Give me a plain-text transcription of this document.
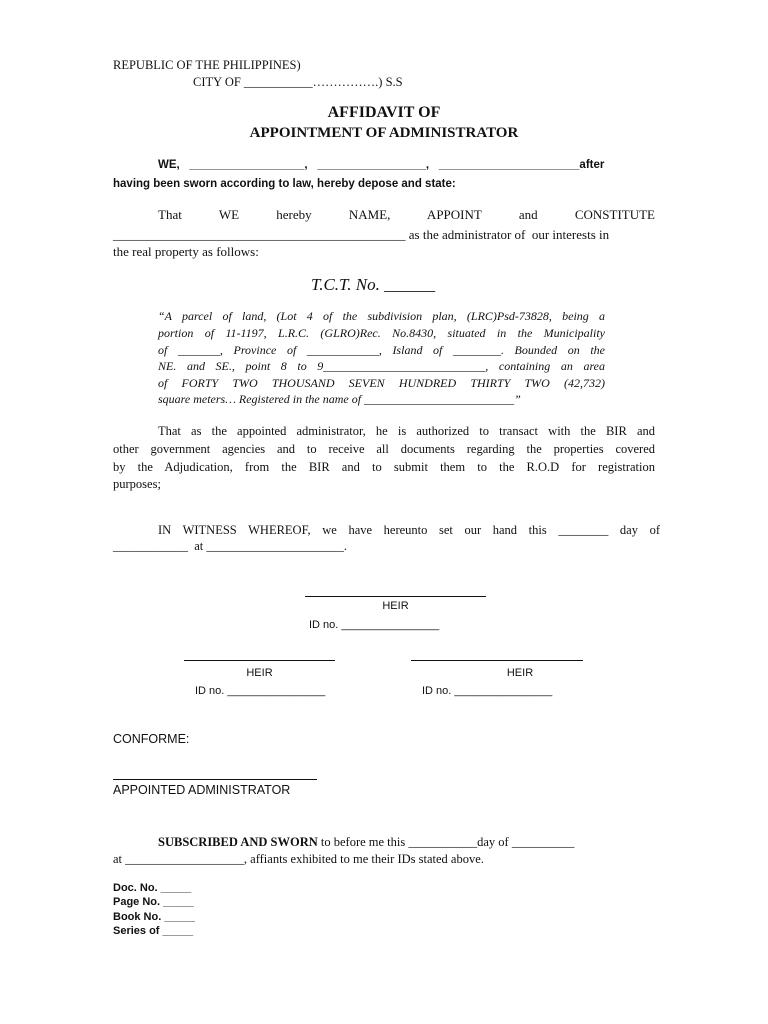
REPUBLIC OF THE PHILIPPINES)
CITY OF ___________…………….) S.S
AFFIDAVIT OF
APPOINTMENT OF ADMINISTRATOR
WE,   __________________,   _________________,   ______________________after
having been sworn according to law, hereby depose and state:
That WE hereby NAME, APPOINT and CONSTITUTE
_____________________________________________ as the administrator of  our interests in
the real property as follows:
T.C.T. No. ______
“A parcel of land, (Lot 4 of the subdivision plan, (LRC)Psd-73828, being a
portion of 11-1197, L.R.C. (GLRO)Rec. No.8430, situated in the Municipality
of _______, Province of ____________, Island of ________. Bounded on the
NE. and SE., point 8 to 9___________________________, containing an area
of FORTY TWO THOUSAND SEVEN HUNDRED THIRTY TWO (42,732)
square meters… Registered in the name of _________________________”
That as the appointed administrator, he is authorized to transact with the BIR and
other government agencies and to receive all documents regarding the properties covered
by the Adjudication, from the BIR and to submit them to the R.O.D for registration
purposes;
IN WITNESS WHEREOF, we have hereunto set our hand this ________ day of
____________  at ______________________.
HEIR
ID no. ________________
HEIR
ID no. ________________
HEIR
ID no. ________________
CONFORME:
APPOINTED ADMINISTRATOR
SUBSCRIBED AND SWORN to before me this ___________day of __________
at ___________________, affiants exhibited to me their IDs stated above.
Doc. No. _____
Page No. _____
Book No. _____
Series of _____
